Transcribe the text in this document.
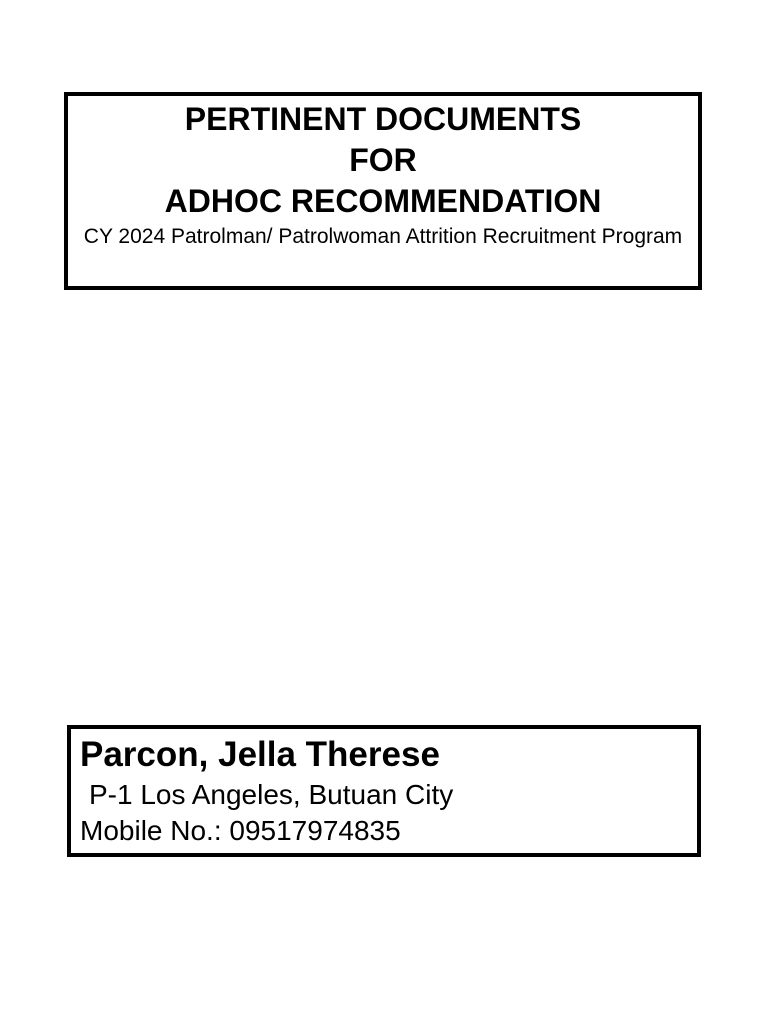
PERTINENT DOCUMENTS
FOR
ADHOC RECOMMENDATION
CY 2024 Patrolman/ Patrolwoman Attrition Recruitment Program
Parcon, Jella Therese
P-1 Los Angeles, Butuan City
Mobile No.: 09517974835
